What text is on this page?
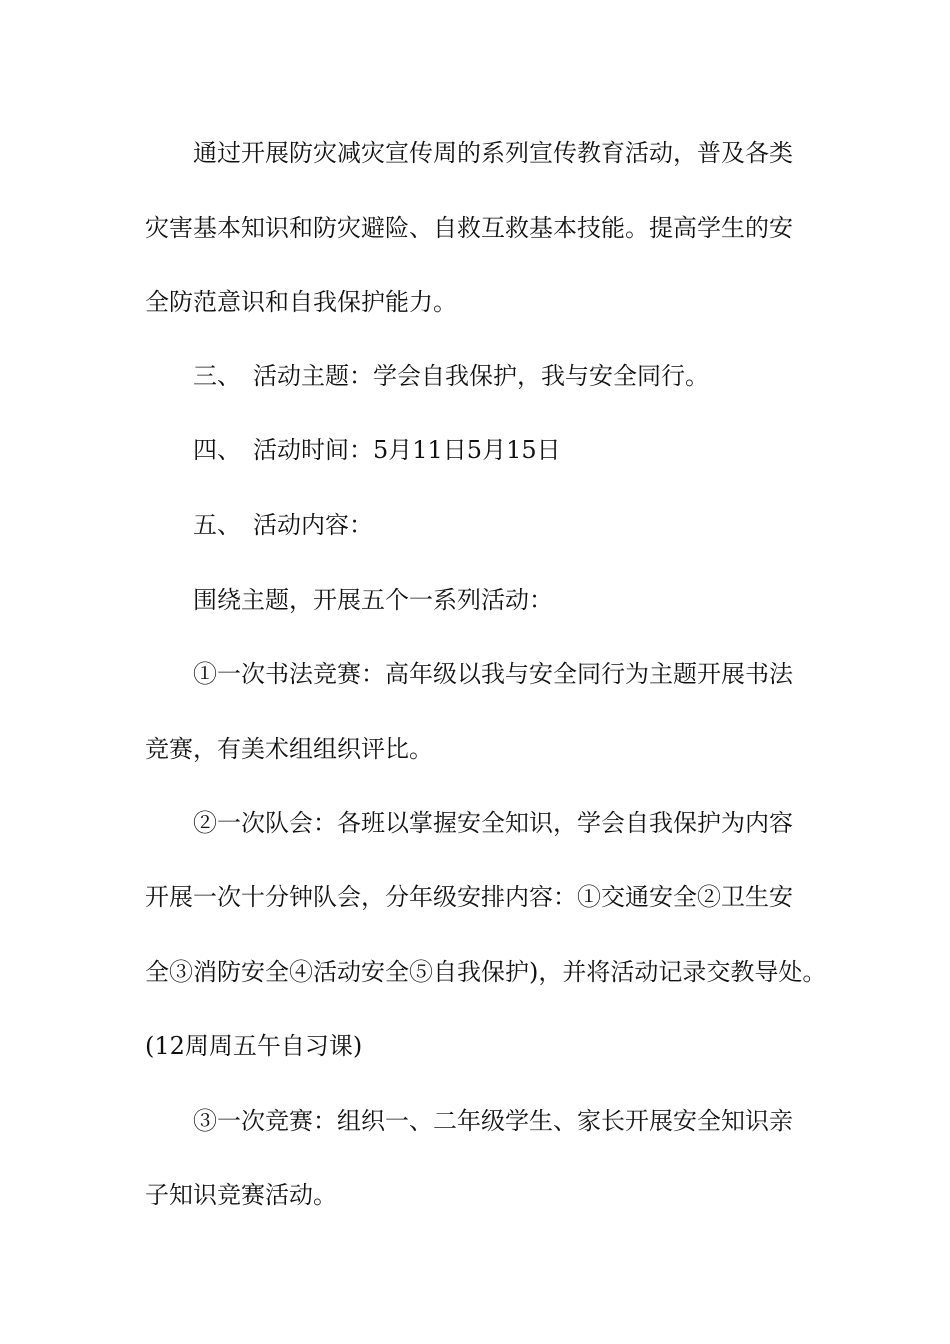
通过开展防灾减灾宣传周的系列宣传教育活动，普及各类
灾害基本知识和防灾避险、自救互救基本技能。提高学生的安
全防范意识和自我保护能力。
三、 活动主题：学会自我保护，我与安全同行。
四、 活动时间：5月11日5月15日
五、 活动内容：
围绕主题，开展五个一系列活动：
①一次书法竞赛：高年级以我与安全同行为主题开展书法
竞赛，有美术组组织评比。
②一次队会：各班以掌握安全知识，学会自我保护为内容
开展一次十分钟队会，分年级安排内容：①交通安全②卫生安
全③消防安全④活动安全⑤自我保护)，并将活动记录交教导处。
(12周周五午自习课)
③一次竞赛：组织一、二年级学生、家长开展安全知识亲
子知识竞赛活动。
